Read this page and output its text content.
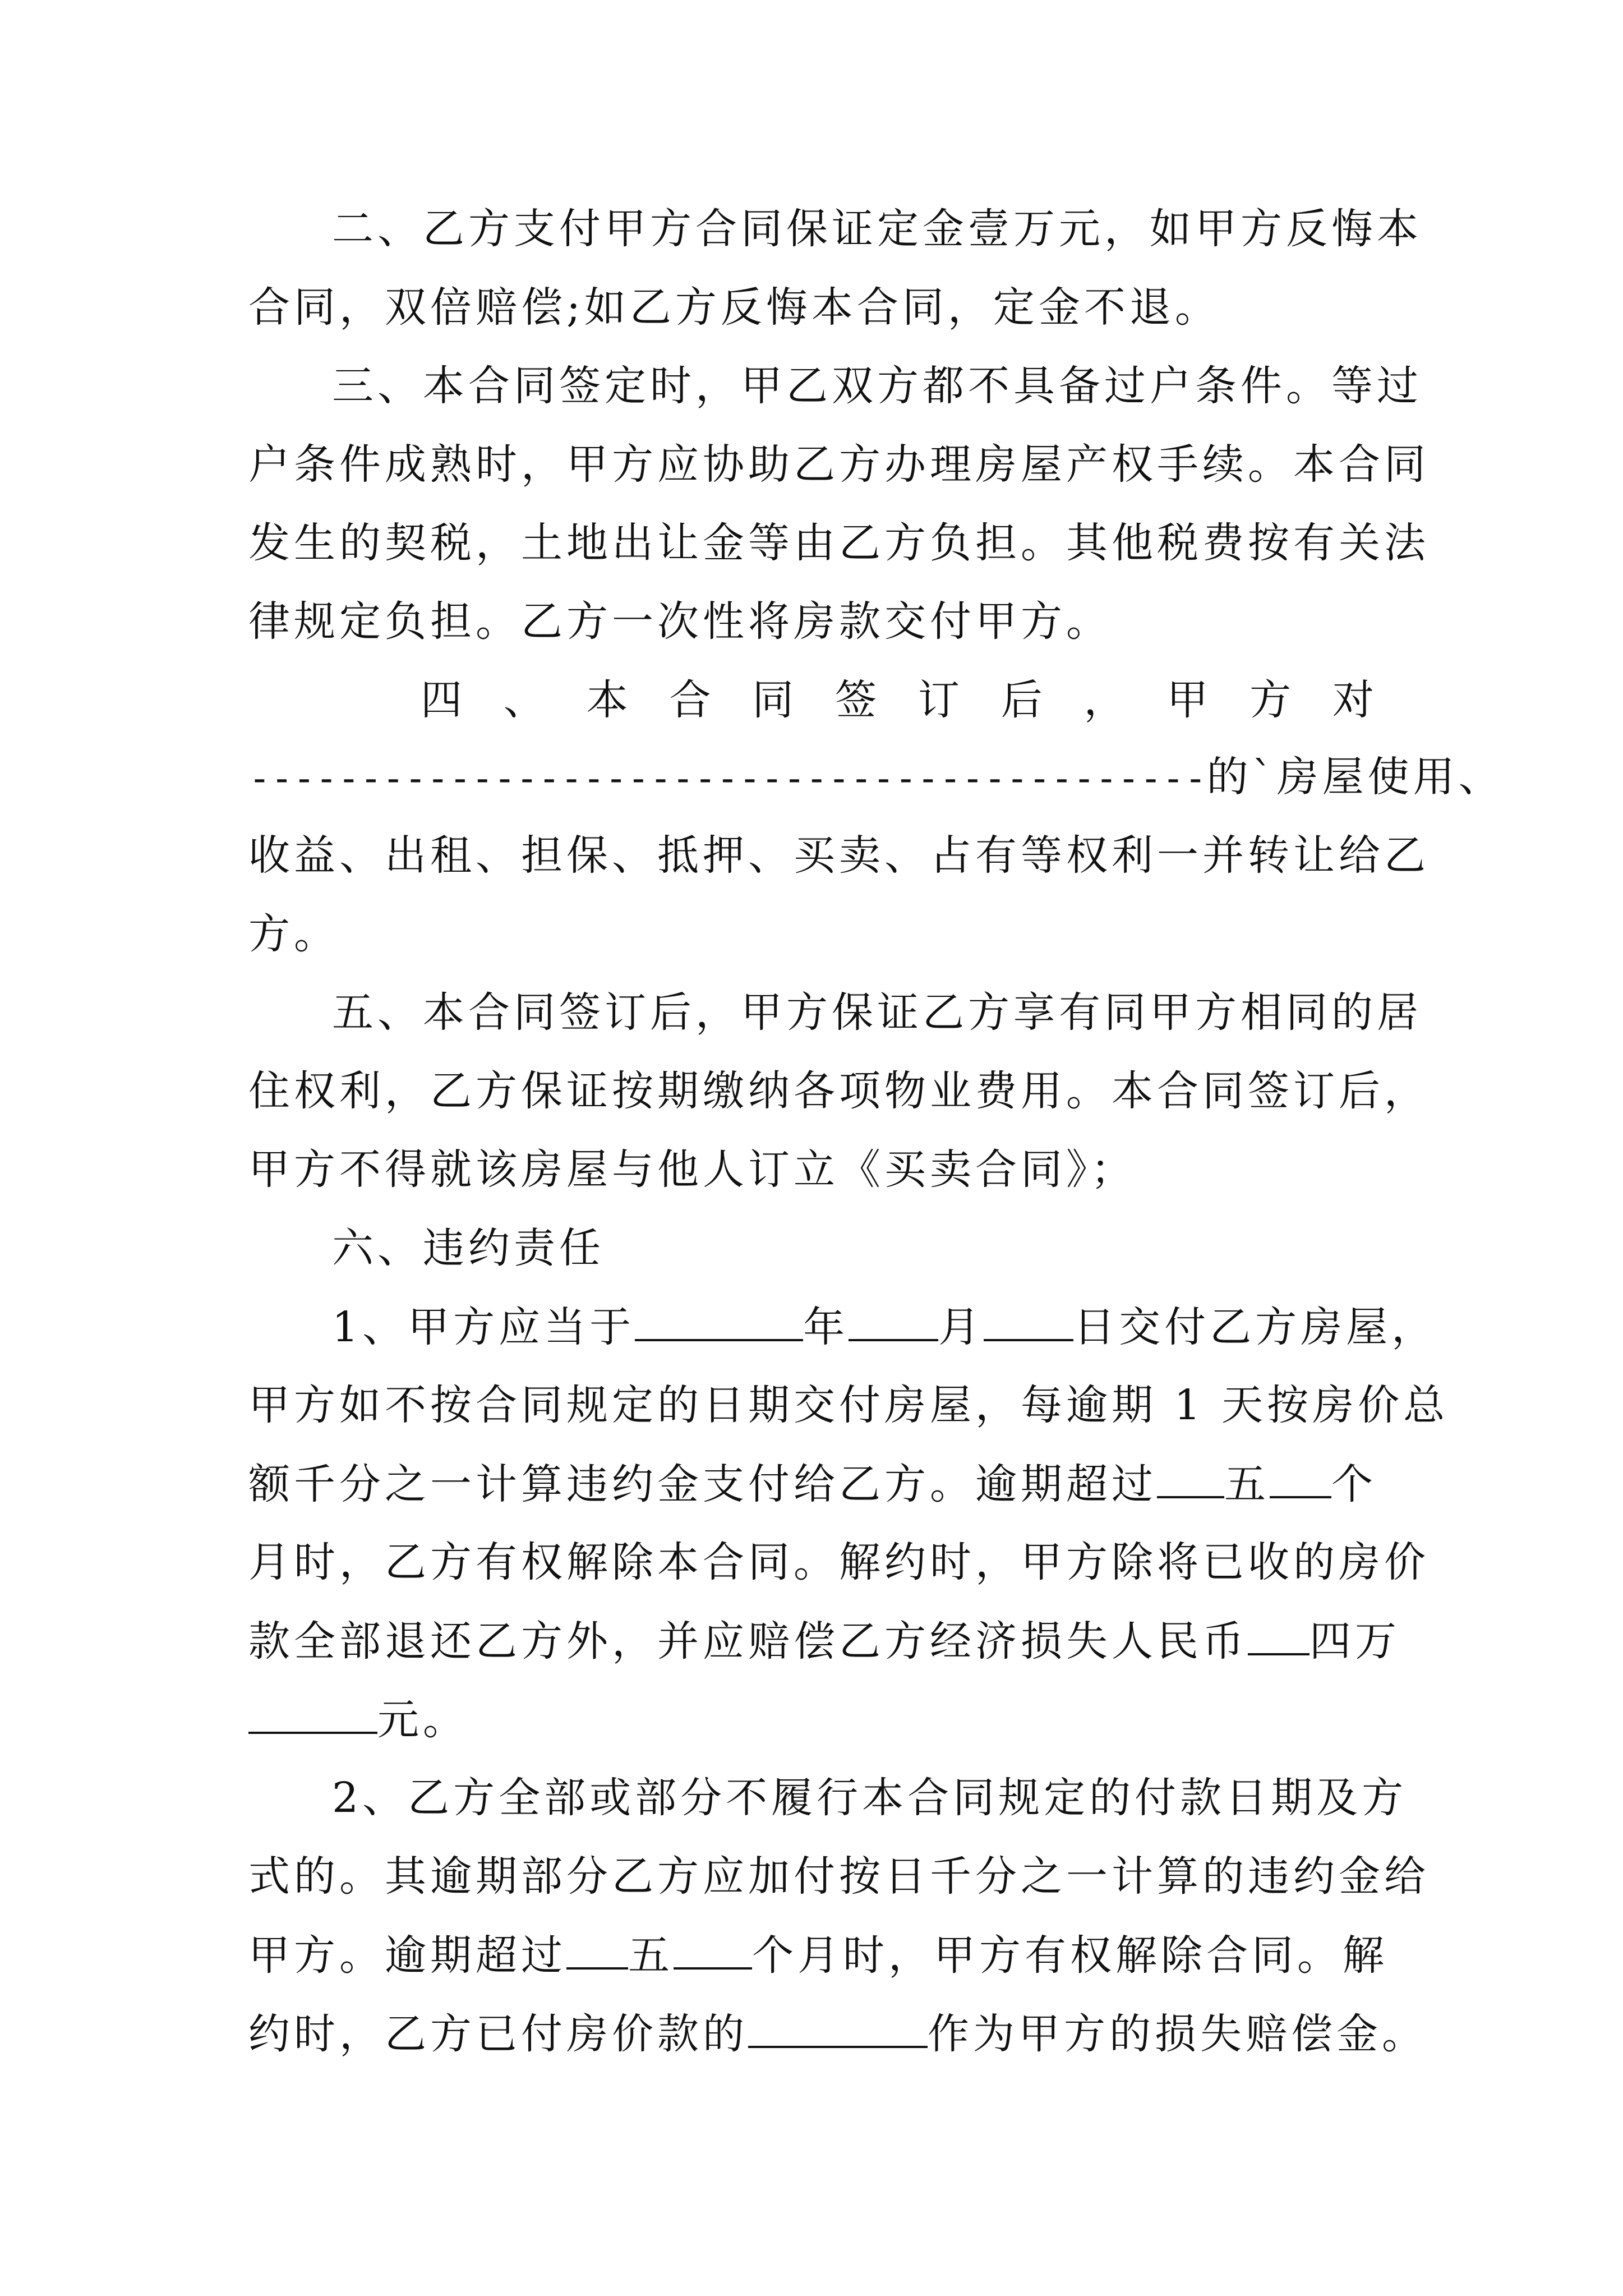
二、乙方支付甲方合同保证定金壹万元，如甲方反悔本
合同，双倍赔偿;如乙方反悔本合同，定金不退。
三、本合同签定时，甲乙双方都不具备过户条件。等过
户条件成熟时，甲方应协助乙方办理房屋产权手续。本合同
发生的契税，土地出让金等由乙方负担。其他税费按有关法
律规定负担。乙方一次性将房款交付甲方。
四 、 本 合 同 签 订 后 ， 甲 方 对
-------------------------------------------的`房屋使用、
收益、出租、担保、抵押、买卖、占有等权利一并转让给乙
方。
五、本合同签订后，甲方保证乙方享有同甲方相同的居
住权利，乙方保证按期缴纳各项物业费用。本合同签订后，
甲方不得就该房屋与他人订立《买卖合同》；
六、违约责任
1、甲方应当于	年 月 日交付乙方房屋，
甲方如不按合同规定的日期交付房屋，每逾期 1 天按房价总
额千分之一计算违约金支付给乙方。逾期超过 五 个
月时，乙方有权解除本合同。解约时，甲方除将已收的房价
款全部退还乙方外，并应赔偿乙方经济损失人民币 四万
元。
2、乙方全部或部分不履行本合同规定的付款日期及方
式的。其逾期部分乙方应加付按日千分之一计算的违约金给
甲方。逾期超过 五 个月时，甲方有权解除合同。解
约时，乙方已付房价款的	作为甲方的损失赔偿金。
